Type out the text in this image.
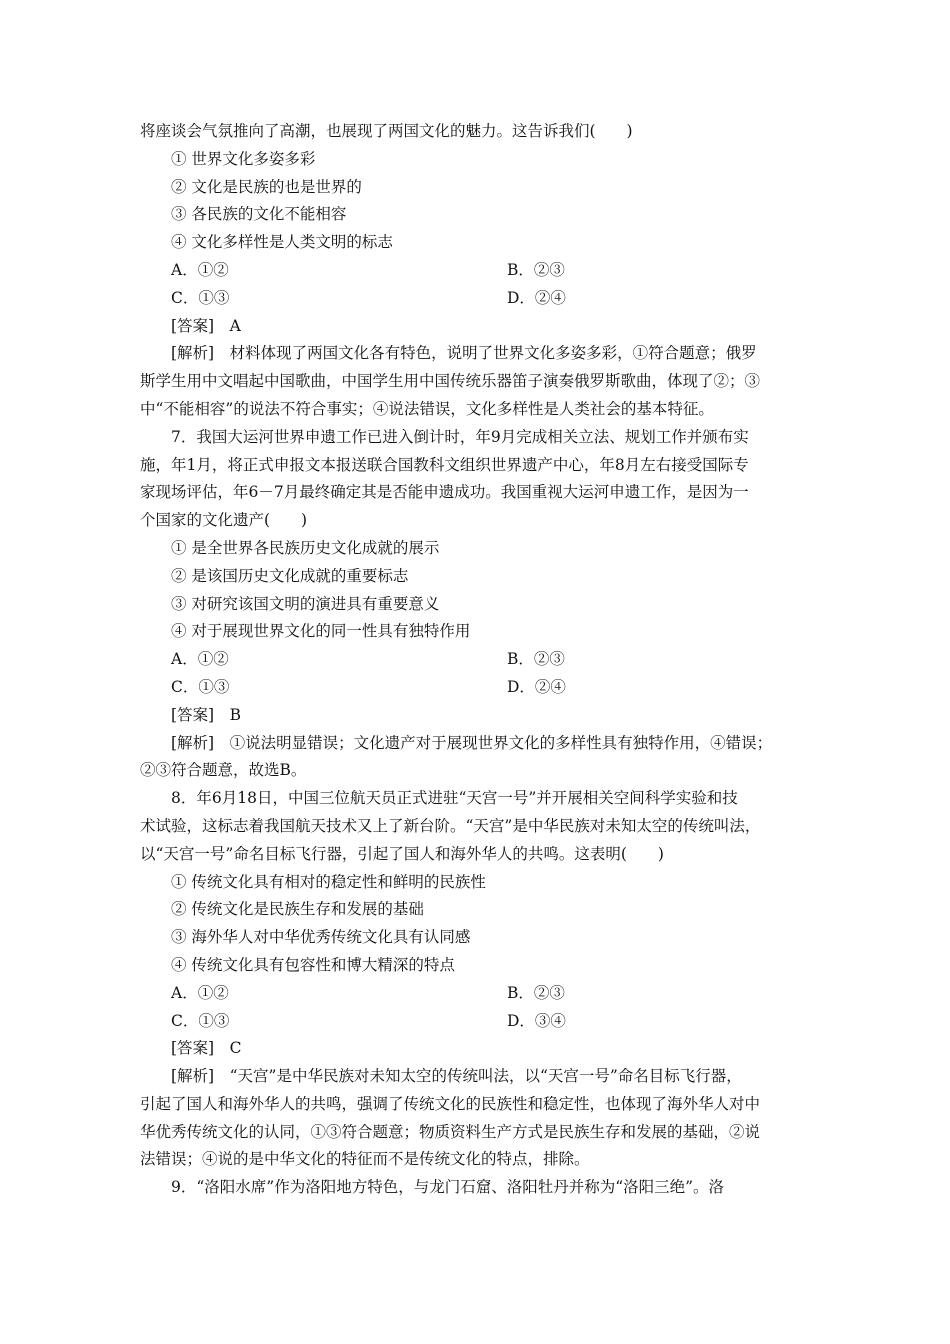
将座谈会气氛推向了高潮，也展现了两国文化的魅力。这告诉我们(　　)

① 世界文化多姿多彩

② 文化是民族的也是世界的

③ 各民族的文化不能相容

④ 文化多样性是人类文明的标志

A．①②	B．②③
C．①③	D．②④

[答案]　A

[解析]　材料体现了两国文化各有特色，说明了世界文化多姿多彩，①符合题意；俄罗

斯学生用中文唱起中国歌曲，中国学生用中国传统乐器笛子演奏俄罗斯歌曲，体现了②；③

中“不能相容”的说法不符合事实；④说法错误，文化多样性是人类社会的基本特征。

7．我国大运河世界申遗工作已进入倒计时，年9月完成相关立法、规划工作并颁布实

施，年1月，将正式申报文本报送联合国教科文组织世界遗产中心，年8月左右接受国际专

家现场评估，年6－7月最终确定其是否能申遗成功。我国重视大运河申遗工作，是因为一

个国家的文化遗产(　　)

① 是全世界各民族历史文化成就的展示

② 是该国历史文化成就的重要标志

③ 对研究该国文明的演进具有重要意义

④ 对于展现世界文化的同一性具有独特作用

A．①②	B．②③
C．①③	D．②④

[答案]　B

[解析]　①说法明显错误；文化遗产对于展现世界文化的多样性具有独特作用，④错误；

②③符合题意，故选B。

8．年6月18日，中国三位航天员正式进驻“天宫一号”并开展相关空间科学实验和技

术试验，这标志着我国航天技术又上了新台阶。“天宫”是中华民族对未知太空的传统叫法，

以“天宫一号”命名目标飞行器，引起了国人和海外华人的共鸣。这表明(　　)

① 传统文化具有相对的稳定性和鲜明的民族性

② 传统文化是民族生存和发展的基础

③ 海外华人对中华优秀传统文化具有认同感

④ 传统文化具有包容性和博大精深的特点

A．①②	B．②③
C．①③	D．③④

[答案]　C

[解析]　“天宫”是中华民族对未知太空的传统叫法，以“天宫一号”命名目标飞行器，

引起了国人和海外华人的共鸣，强调了传统文化的民族性和稳定性，也体现了海外华人对中

华优秀传统文化的认同，①③符合题意；物质资料生产方式是民族生存和发展的基础，②说

法错误；④说的是中华文化的特征而不是传统文化的特点，排除。

9．“洛阳水席”作为洛阳地方特色，与龙门石窟、洛阳牡丹并称为“洛阳三绝”。洛
